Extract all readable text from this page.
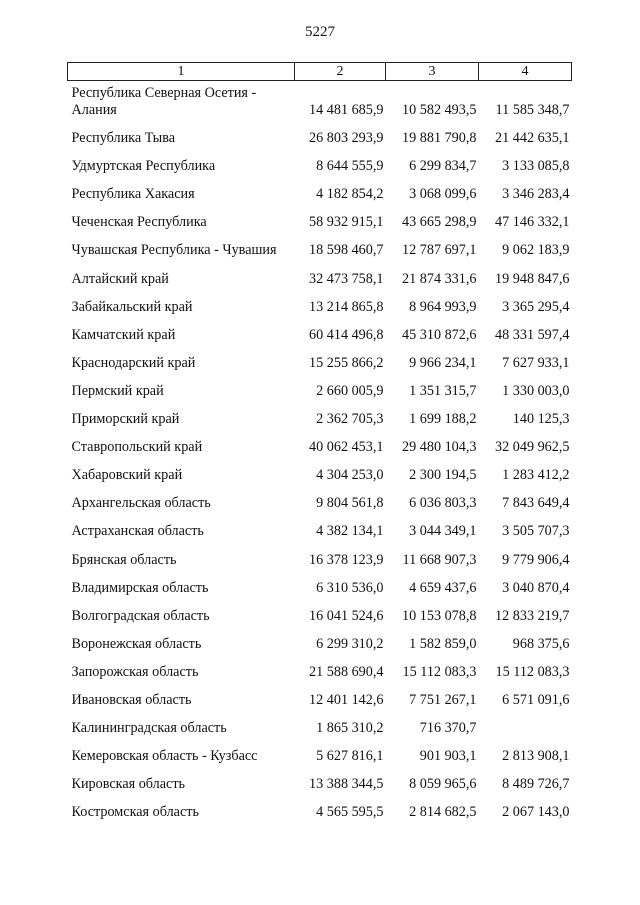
5227
1	2	3	4
Республика Северная Осетия - Алания	14 481 685,9	10 582 493,5	11 585 348,7
Республика Тыва	26 803 293,9	19 881 790,8	21 442 635,1
Удмуртская Республика	8 644 555,9	6 299 834,7	3 133 085,8
Республика Хакасия	4 182 854,2	3 068 099,6	3 346 283,4
Чеченская Республика	58 932 915,1	43 665 298,9	47 146 332,1
Чувашская Республика - Чувашия	18 598 460,7	12 787 697,1	9 062 183,9
Алтайский край	32 473 758,1	21 874 331,6	19 948 847,6
Забайкальский край	13 214 865,8	8 964 993,9	3 365 295,4
Камчатский край	60 414 496,8	45 310 872,6	48 331 597,4
Краснодарский край	15 255 866,2	9 966 234,1	7 627 933,1
Пермский край	2 660 005,9	1 351 315,7	1 330 003,0
Приморский край	2 362 705,3	1 699 188,2	140 125,3
Ставропольский край	40 062 453,1	29 480 104,3	32 049 962,5
Хабаровский край	4 304 253,0	2 300 194,5	1 283 412,2
Архангельская область	9 804 561,8	6 036 803,3	7 843 649,4
Астраханская область	4 382 134,1	3 044 349,1	3 505 707,3
Брянская область	16 378 123,9	11 668 907,3	9 779 906,4
Владимирская область	6 310 536,0	4 659 437,6	3 040 870,4
Волгоградская область	16 041 524,6	10 153 078,8	12 833 219,7
Воронежская область	6 299 310,2	1 582 859,0	968 375,6
Запорожская область	21 588 690,4	15 112 083,3	15 112 083,3
Ивановская область	12 401 142,6	7 751 267,1	6 571 091,6
Калининградская область	1 865 310,2	716 370,7	
Кемеровская область - Кузбасс	5 627 816,1	901 903,1	2 813 908,1
Кировская область	13 388 344,5	8 059 965,6	8 489 726,7
Костромская область	4 565 595,5	2 814 682,5	2 067 143,0
